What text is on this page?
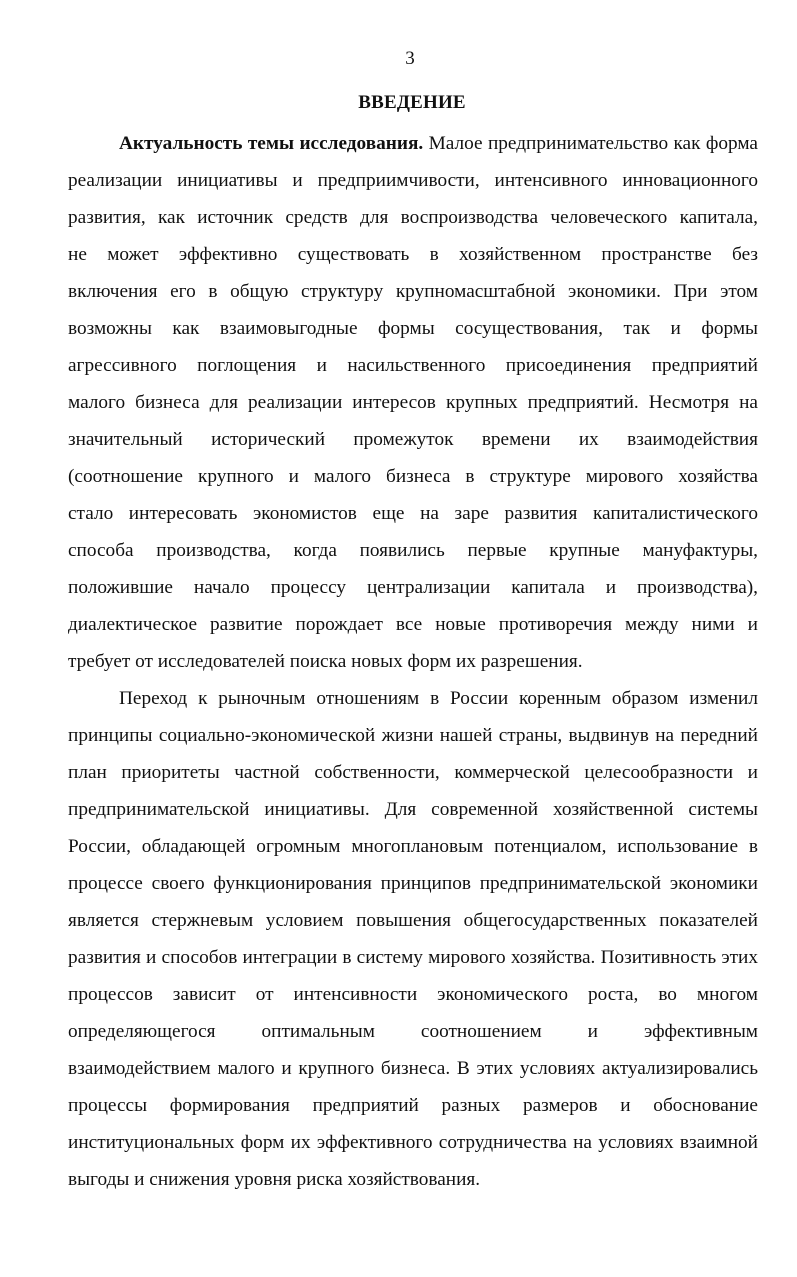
3
ВВЕДЕНИЕ
Актуальность темы исследования. Малое предпринимательство как форма
реализации инициативы и предприимчивости, интенсивного инновационного
развития, как источник средств для воспроизводства человеческого капитала,
не может эффективно существовать в хозяйственном пространстве без
включения его в общую структуру крупномасштабной экономики. При этом
возможны как взаимовыгодные формы сосуществования, так и формы
агрессивного поглощения и насильственного присоединения предприятий
малого бизнеса для реализации интересов крупных предприятий. Несмотря на
значительный исторический промежуток времени их взаимодействия
(соотношение крупного и малого бизнеса в структуре мирового хозяйства
стало интересовать экономистов еще на заре развития капиталистического
способа производства, когда появились первые крупные мануфактуры,
положившие начало процессу централизации капитала и производства),
диалектическое развитие порождает все новые противоречия между ними и
требует от исследователей поиска новых форм их разрешения.
Переход к рыночным отношениям в России коренным образом изменил
принципы социально-экономической жизни нашей страны, выдвинув на передний
план приоритеты частной собственности, коммерческой целесообразности и
предпринимательской инициативы. Для современной хозяйственной системы
России, обладающей огромным многоплановым потенциалом, использование в
процессе своего функционирования принципов предпринимательской экономики
является стержневым условием повышения общегосударственных показателей
развития и способов интеграции в систему мирового хозяйства. Позитивность этих
процессов зависит от интенсивности экономического роста, во многом
определяющегося оптимальным соотношением и эффективным
взаимодействием малого и крупного бизнеса. В этих условиях актуализировались
процессы формирования предприятий разных размеров и обоснование
институциональных форм их эффективного сотрудничества на условиях взаимной
выгоды и снижения уровня риска хозяйствования.
